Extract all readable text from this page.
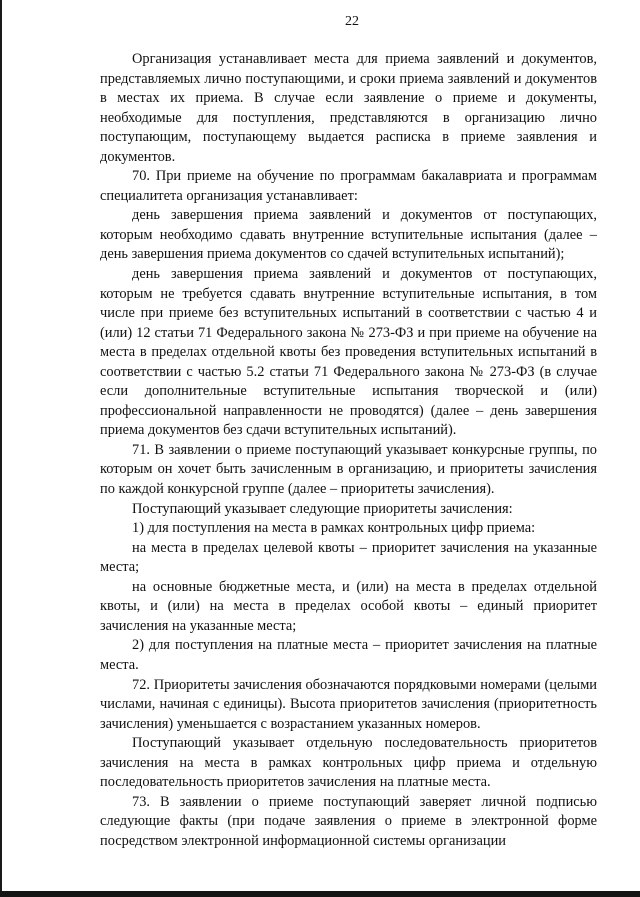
22

Организация устанавливает места для приема заявлений и документов, представляемых лично поступающими, и сроки приема заявлений и документов в местах их приема. В случае если заявление о приеме и документы, необходимые для поступления, представляются в организацию лично поступающим, поступающему выдается расписка в приеме заявления и документов.

70. При приеме на обучение по программам бакалавриата и программам специалитета организация устанавливает:

день завершения приема заявлений и документов от поступающих, которым необходимо сдавать внутренние вступительные испытания (далее – день завершения приема документов со сдачей вступительных испытаний);

день завершения приема заявлений и документов от поступающих, которым не требуется сдавать внутренние вступительные испытания, в том числе при приеме без вступительных испытаний в соответствии с частью 4 и (или) 12 статьи 71 Федерального закона № 273-ФЗ и при приеме на обучение на места в пределах отдельной квоты без проведения вступительных испытаний в соответствии с частью 5.2 статьи 71 Федерального закона № 273-ФЗ (в случае если дополнительные вступительные испытания творческой и (или) профессиональной направленности не проводятся) (далее – день завершения приема документов без сдачи вступительных испытаний).

71. В заявлении о приеме поступающий указывает конкурсные группы, по которым он хочет быть зачисленным в организацию, и приоритеты зачисления по каждой конкурсной группе (далее – приоритеты зачисления).

Поступающий указывает следующие приоритеты зачисления:

1) для поступления на места в рамках контрольных цифр приема:

на места в пределах целевой квоты – приоритет зачисления на указанные места;

на основные бюджетные места, и (или) на места в пределах отдельной квоты, и (или) на места в пределах особой квоты – единый приоритет зачисления на указанные места;

2) для поступления на платные места – приоритет зачисления на платные места.

72. Приоритеты зачисления обозначаются порядковыми номерами (целыми числами, начиная с единицы). Высота приоритетов зачисления (приоритетность зачисления) уменьшается с возрастанием указанных номеров.

Поступающий указывает отдельную последовательность приоритетов зачисления на места в рамках контрольных цифр приема и отдельную последовательность приоритетов зачисления на платные места.

73. В заявлении о приеме поступающий заверяет личной подписью следующие факты (при подаче заявления о приеме в электронной форме посредством электронной информационной системы организации
